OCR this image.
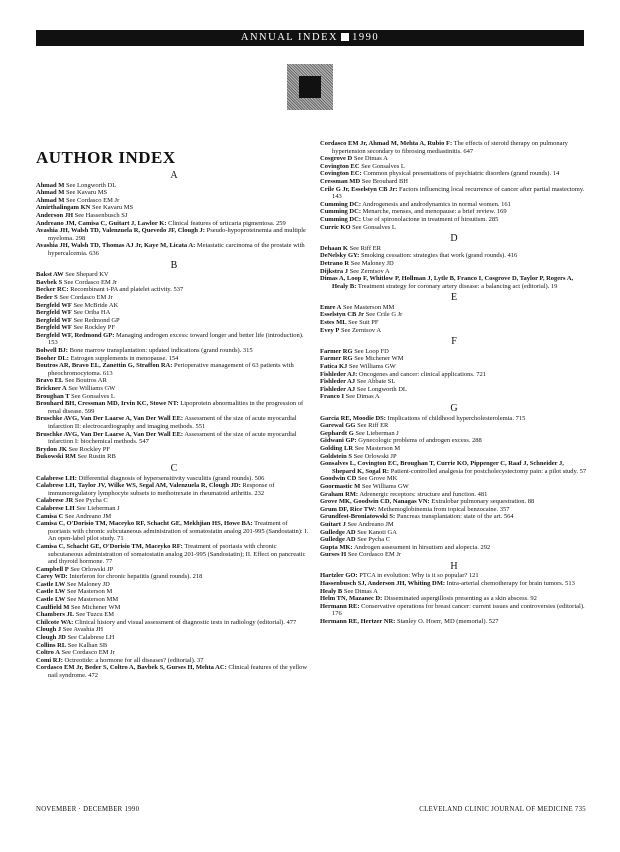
ANNUAL INDEX 1990
AUTHOR INDEX
A

Ahmad M See Longworth DL

Ahmad M See Kavaru MS

Ahmad M See Cordasco EM Jr

Amirthalingam KN See Kavaru MS

Anderson JH See Hassenbusch SJ

Andreano JM, Camisa C, Guitart J, Lawlor K: Clinical features of urticaria pigmentosa. 259

Avashia JH, Walsh TD, Valenzuela R, Quevedo JF, Clough J: Pseudo-hypoproteinemia and multiple myeloma. 298

Avashia JH, Walsh TD, Thomas AJ Jr, Kaye M, Licata A: Metastatic carcinoma of the prostate with hypercalcemia. 636

B

Bakst AW See Shepard KV

Bavbek S See Cordasco EM Jr

Becker RC: Recombinant t-PA and platelet activity. 537

Beder S See Cordasco EM Jr

Bergfeld WF See McBride AK

Bergfeld WF See Oriba HA

Bergfeld WF See Redmond GP

Bergfeld WF See Rockley PF

Bergfeld WF, Redmond GP: Managing androgen excess: toward longer and better life (introduction). 153

Bolwell BJ: Bone marrow transplantation: updated indications (grand rounds). 315

Booher DL: Estrogen supplements in menopause. 154

Boutros AR, Bravo EL, Zanettin G, Straffon RA: Perioperative management of 63 patients with pheochromocytoma. 613

Bravo EL See Boutros AR

Brickner A See Williams GW

Broughan T See Gonsalves L

Brouhard BH, Cressman MD, Irvin KC, Stowe NT: Lipoprotein abnormalities in the progression of renal disease. 599

Bruschke AVG, Van Der Laarse A, Van Der Wall EE: Assessment of the size of acute myocardial infarction II: electrocardiography and imaging methods. 551

Bruschke AVG, Van Der Laarse A, Van Der Wall EE: Assessment of the size of acute myocardial infarction I: biochemical methods. 547

Brydon JK See Rockley PF

Bukowski RM See Rustin RB

C

Calabrese LH: Differential diagnosis of hypersensitivity vasculitis (grand rounds). 506

Calabrese LH, Taylor JV, Wilke WS, Segal AM, Valenzuela R, Clough JD: Response of immunoregulatory lymphocyte subsets to methotrexate in rheumatoid arthritis. 232

Calabrese JR See Pycha C

Calabrese LH See Lieberman J

Camisa C See Andreano JM

Camisa C, O'Dorisio TM, Maceyko RF, Schacht GE, Mekhjian HS, Howe BA: Treatment of psoriasis with chronic subcutaneous administration of somatostatin analog 201-995 (Sandostatin): I. An open-label pilot study. 71

Camisa C, Schacht GE, O'Dorisio TM, Maceyko RF: Treatment of psoriasis with chronic subcutaneous administration of somatostatin analog 201-995 (Sandostatin); II. Effect on pancreatic and thyroid hormone. 77

Campbell P See Orlowski JP

Carey WD: Interferon for chronic hepatitis (grand rounds). 218

Castle LW See Maloney JD

Castle LW See Masterson M

Castle LW See Masterson MM

Caulfield M See Michener WM

Chambers JL See Tuzcu EM

Chilcote WA: Clinical history and visual assessment of diagnostic tests in radiology (editorial). 477

Clough J See Avashia JH

Clough JD See Calabrese LH

Collins RL See Kalhan SB

Coltro A See Cordasco EM Jr

Comi RJ: Octreotide: a hormone for all diseases? (editorial). 37

Cordasco EM Jr, Beder S, Coltro A, Bavbek S, Gurses H, Mehta AC: Clinical features of the yellow nail syndrome. 472

Cordasco EM Jr, Ahmad M, Mehta A, Rubio F: The effects of steroid therapy on pulmonary hypertension secondary to fibrosing mediastinitis. 647

Cosgrove D See Dimas A

Covington EC See Gonsalves L

Covington EC: Common physical presentations of psychiatric disorders (grand rounds). 14

Cressman MD See Brouhard BH

Crile G Jr, Esselstyn CB Jr: Factors influencing local recurrence of cancer after partial mastectomy. 143

Cumming DC: Androgenesis and androdynamics in normal women. 161

Cumming DC: Menarche, menses, and menopause: a brief review. 169

Cumming DC: Use of spironolactone in treatment of hirsutism. 285

Curric KO See Gonsalves L

D

Dehaan K See Riff ER

DeNelsky GY: Smoking cessation: strategies that work (grand rounds). 416

Detrano R See Maloney JD

Dijkstra J See Zerntsov A

Dimas A, Loop F, Whitlow P, Hollman J, Lytle B, Franco I, Cosgrove D, Taylor P, Rogers A, Healy B: Treatment strategy for coronary artery disease: a balancing act (editorial). 19

E

Emre A See Masterson MM

Esselstyn CB Jr See Crile G Jr

Estes ML See Suit PF

Evey P See Zerntsov A

F

Farmer RG See Loop FD

Farmer RG See Michener WM

Fatica KJ See Williams GW

Fishleder AJ: Oncogenes and cancer: clinical applications. 721

Fishleder AJ See Abbate SL

Fishleder AJ See Longworth DL

Franco I See Dimas A

G

Garcia RE, Moodie DS: Implications of childhood hypercholesterolemia. 715

Garewal GG See Riff ER

Gephardt G See Lieberman J

Gidwani GP: Gynecologic problems of androgen excess. 288

Golding LR See Masterson M

Goldstein S See Orlowski JP

Gonsalves L, Covington EC, Broughan T, Currie KO, Pippenger C, Raaf J, Schneider J, Shepard K, Sogal R: Patient-controlled analgesia for postcholecystectomy pain: a pilot study. 57

Goodwin CD See Grove MK

Goormastic M See Williams GW

Graham RM: Adrenergic receptors: structure and function. 481

Grove MK, Goodwin CD, Nanagas VN: Extralobar pulmonary sequestration. 88

Grum DF, Rice TW: Methemoglobinemia from topical benzocaine. 357

Grundfest-Broniatowski S: Pancreas transplantation: state of the art. 564

Guitart J See Andreano JM

Gulledge AD See Kanoti GA

Gulledge AD See Pycha C

Gupta MK: Androgen assessment in hirsutism and alopecia. 292

Gurses H See Cordasco EM Jr

H

Hartzler GO: PTCA in evolution: Why is it so popular? 121

Hassenbusch SJ, Anderson JH, Whiting DM: Intra-arterial chemotherapy for brain tumors. 513

Healy B See Dimas A

Helm TN, Mazanec D: Disseminated aspergillosis presenting as a skin abscess. 92

Hermann RE: Conservative operations for breast cancer: current issues and controversies (editorial). 176

Hermann RE, Hertzer NR: Stanley O. Hoerr, MD (memorial). 527

NOVEMBER · DECEMBER 1990	CLEVELAND CLINIC JOURNAL OF MEDICINE 735
